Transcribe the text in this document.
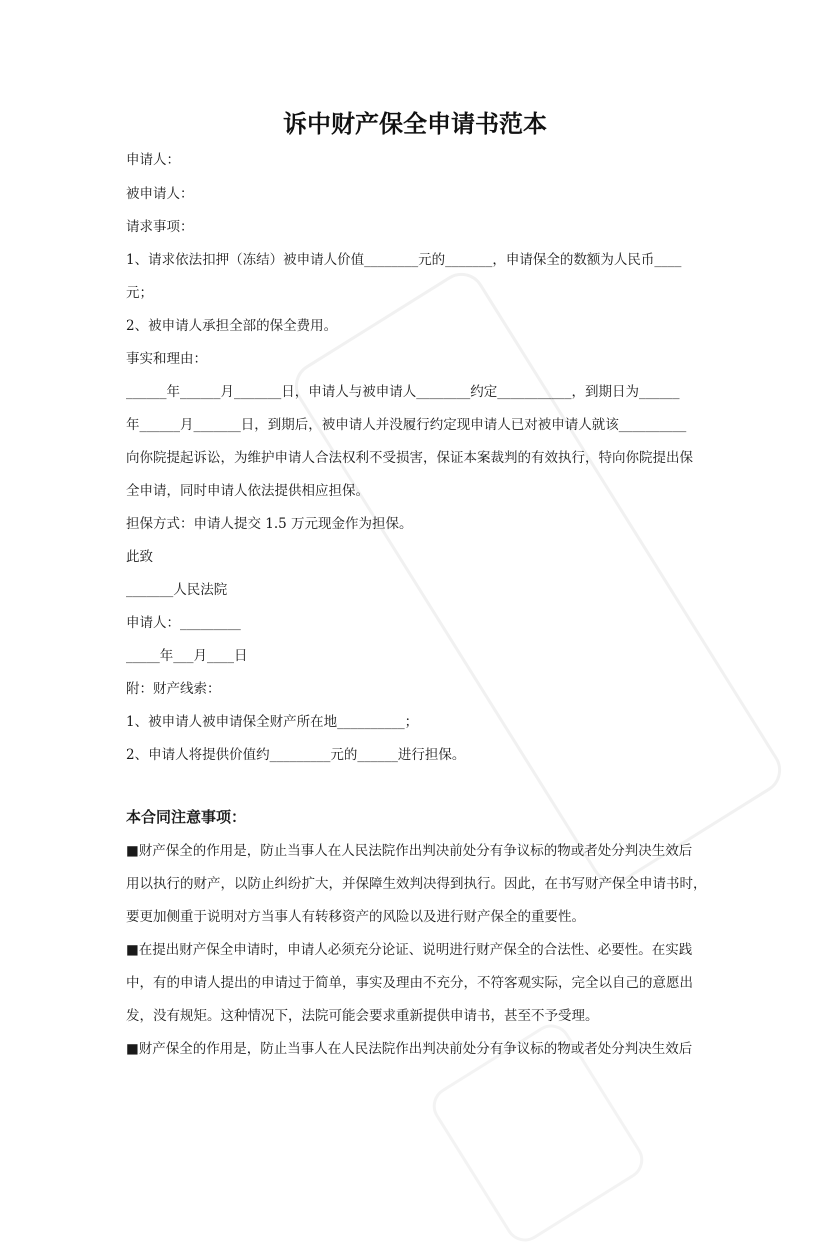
诉中财产保全申请书范本
申请人：
被申请人：
请求事项：
1、请求依法扣押（冻结）被申请人价值________元的_______，申请保全的数额为人民币____
元；
2、被申请人承担全部的保全费用。
事实和理由：
______年______月_______日，申请人与被申请人________约定___________，到期日为______
年______月_______日，到期后，被申请人并没履行约定现申请人已对被申请人就该__________
向你院提起诉讼，为维护申请人合法权利不受损害，保证本案裁判的有效执行，特向你院提出保
全申请，同时申请人依法提供相应担保。
担保方式：申请人提交 1.5 万元现金作为担保。
此致
_______人民法院
申请人：_________
_____年___月____日
附：财产线索：
1、被申请人被申请保全财产所在地__________；
2、申请人将提供价值约_________元的______进行担保。
本合同注意事项：
■财产保全的作用是，防止当事人在人民法院作出判决前处分有争议标的物或者处分判决生效后
用以执行的财产，以防止纠纷扩大，并保障生效判决得到执行。因此，在书写财产保全申请书时，
要更加侧重于说明对方当事人有转移资产的风险以及进行财产保全的重要性。
■在提出财产保全申请时，申请人必须充分论证、说明进行财产保全的合法性、必要性。在实践
中，有的申请人提出的申请过于简单，事实及理由不充分，不符客观实际，完全以自己的意愿出
发，没有规矩。这种情况下，法院可能会要求重新提供申请书，甚至不予受理。
■财产保全的作用是，防止当事人在人民法院作出判决前处分有争议标的物或者处分判决生效后
